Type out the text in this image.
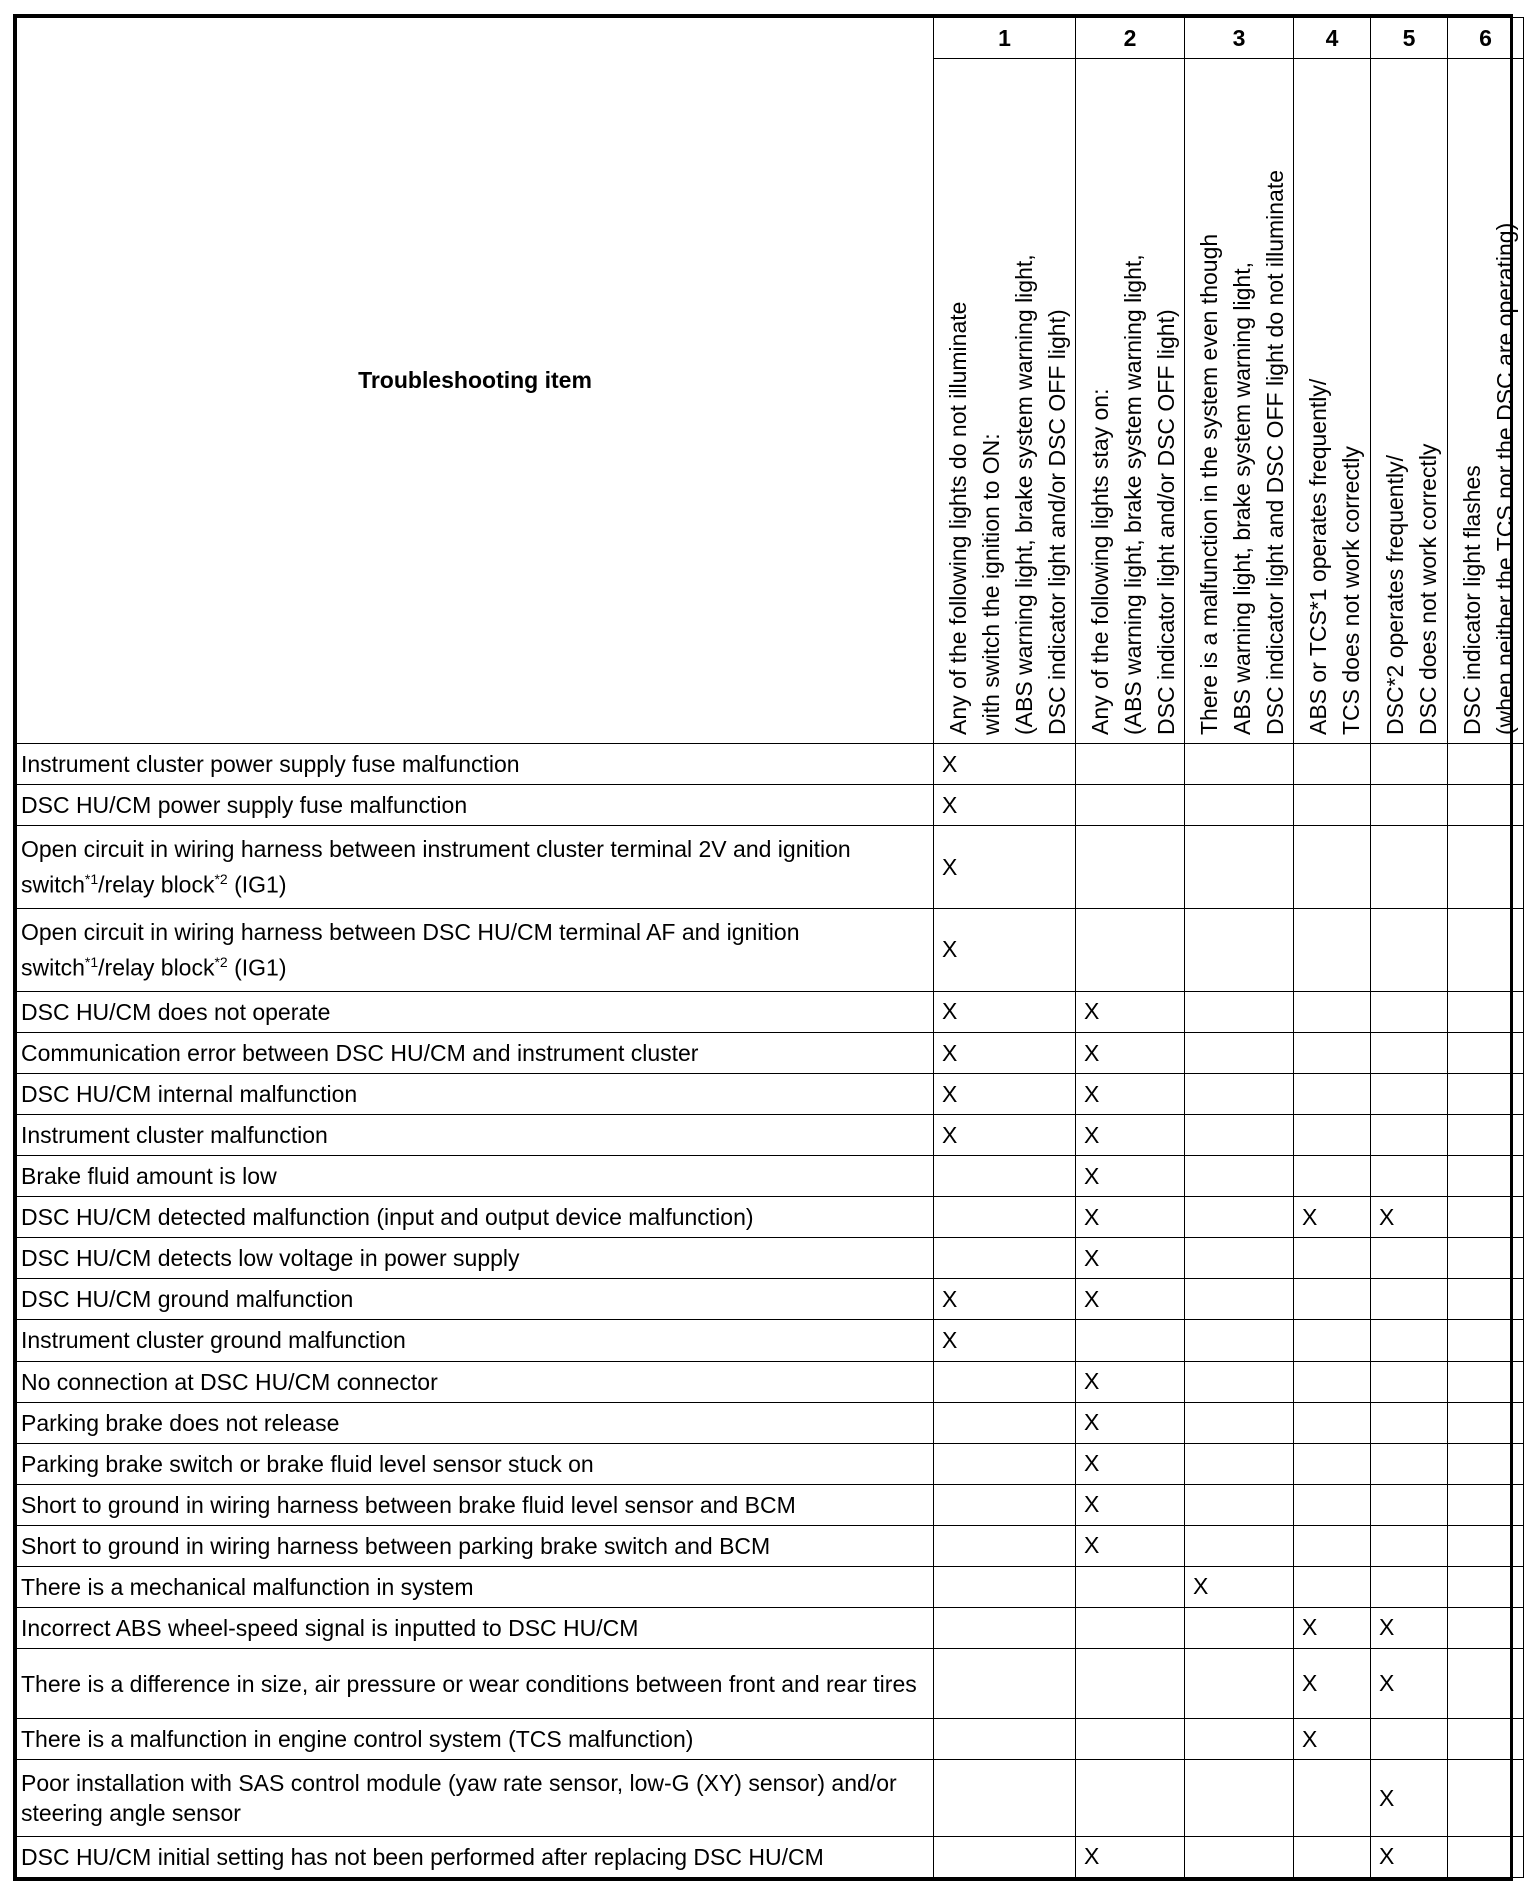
Troubleshooting item	1	2	3	4	5	6

	Any of the following lights do not illuminate with switch the ignition to ON: (ABS warning light, brake system warning light, DSC indicator light and/or DSC OFF light)	Any of the following lights stay on: (ABS warning light, brake system warning light, DSC indicator light and/or DSC OFF light)	There is a malfunction in the system even though ABS warning light, brake system warning light, DSC indicator light and DSC OFF light do not illuminate	ABS or TCS*1 operates frequently/ TCS does not work correctly	DSC*2 operates frequently/ DSC does not work correctly	DSC indicator light flashes (when neither the TCS nor the DSC are operating)

Instrument cluster power supply fuse malfunction	X					
DSC HU/CM power supply fuse malfunction	X					
Open circuit in wiring harness between instrument cluster terminal 2V and ignition switch$^{*1}$/relay block$^{*2}$ (IG1)	X					
Open circuit in wiring harness between DSC HU/CM terminal AF and ignition switch$^{*1}$/relay block$^{*2}$ (IG1)	X					
DSC HU/CM does not operate	X	X				
Communication error between DSC HU/CM and instrument cluster	X	X				
DSC HU/CM internal malfunction	X	X				
Instrument cluster malfunction	X	X				
Brake fluid amount is low		X				
DSC HU/CM detected malfunction (input and output device malfunction)		X		X	X	
DSC HU/CM detects low voltage in power supply		X				
DSC HU/CM ground malfunction	X	X				
Instrument cluster ground malfunction	X					
No connection at DSC HU/CM connector		X				
Parking brake does not release		X				
Parking brake switch or brake fluid level sensor stuck on		X				
Short to ground in wiring harness between brake fluid level sensor and BCM		X				
Short to ground in wiring harness between parking brake switch and BCM		X				
There is a mechanical malfunction in system			X			
Incorrect ABS wheel-speed signal is inputted to DSC HU/CM				X	X	
There is a difference in size, air pressure or wear conditions between front and rear tires				X	X	
There is a malfunction in engine control system (TCS malfunction)				X		
Poor installation with SAS control module (yaw rate sensor, low-G (XY) sensor) and/or steering angle sensor					X	
DSC HU/CM initial setting has not been performed after replacing DSC HU/CM		X			X	
